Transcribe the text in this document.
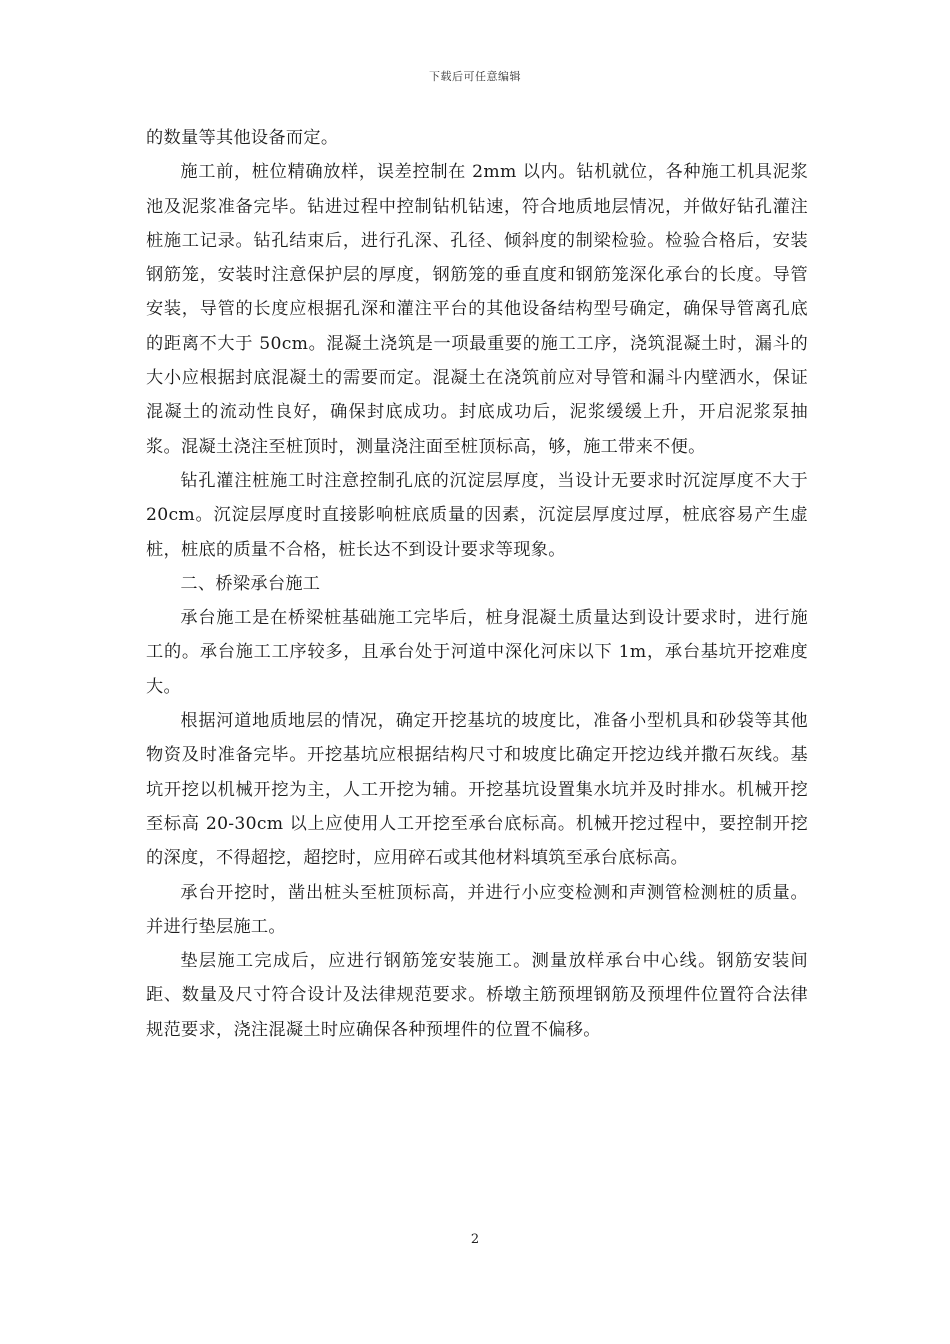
下载后可任意编辑

的数量等其他设备而定。

施工前，桩位精确放样，误差控制在 2mm 以内。钻机就位，各种施工机具泥浆池及泥浆准备完毕。钻进过程中控制钻机钻速，符合地质地层情况，并做好钻孔灌注桩施工记录。钻孔结束后，进行孔深、孔径、倾斜度的制梁检验。检验合格后，安装钢筋笼，安装时注意保护层的厚度，钢筋笼的垂直度和钢筋笼深化承台的长度。导管安装，导管的长度应根据孔深和灌注平台的其他设备结构型号确定，确保导管离孔底的距离不大于 50cm。混凝土浇筑是一项最重要的施工工序，浇筑混凝土时，漏斗的大小应根据封底混凝土的需要而定。混凝土在浇筑前应对导管和漏斗内壁洒水，保证混凝土的流动性良好，确保封底成功。封底成功后，泥浆缓缓上升，开启泥浆泵抽浆。混凝土浇注至桩顶时，测量浇注面至桩顶标高，够，施工带来不便。

钻孔灌注桩施工时注意控制孔底的沉淀层厚度，当设计无要求时沉淀厚度不大于 20cm。沉淀层厚度时直接影响桩底质量的因素，沉淀层厚度过厚，桩底容易产生虚桩，桩底的质量不合格，桩长达不到设计要求等现象。

二、桥梁承台施工

承台施工是在桥梁桩基础施工完毕后，桩身混凝土质量达到设计要求时，进行施工的。承台施工工序较多，且承台处于河道中深化河床以下 1m，承台基坑开挖难度大。

根据河道地质地层的情况，确定开挖基坑的坡度比，准备小型机具和砂袋等其他物资及时准备完毕。开挖基坑应根据结构尺寸和坡度比确定开挖边线并撒石灰线。基坑开挖以机械开挖为主，人工开挖为辅。开挖基坑设置集水坑并及时排水。机械开挖至标高 20-30cm 以上应使用人工开挖至承台底标高。机械开挖过程中，要控制开挖的深度，不得超挖，超挖时，应用碎石或其他材料填筑至承台底标高。

承台开挖时，凿出桩头至桩顶标高，并进行小应变检测和声测管检测桩的质量。并进行垫层施工。

垫层施工完成后，应进行钢筋笼安装施工。测量放样承台中心线。钢筋安装间距、数量及尺寸符合设计及法律规范要求。桥墩主筋预埋钢筋及预埋件位置符合法律规范要求，浇注混凝土时应确保各种预埋件的位置不偏移。

2
